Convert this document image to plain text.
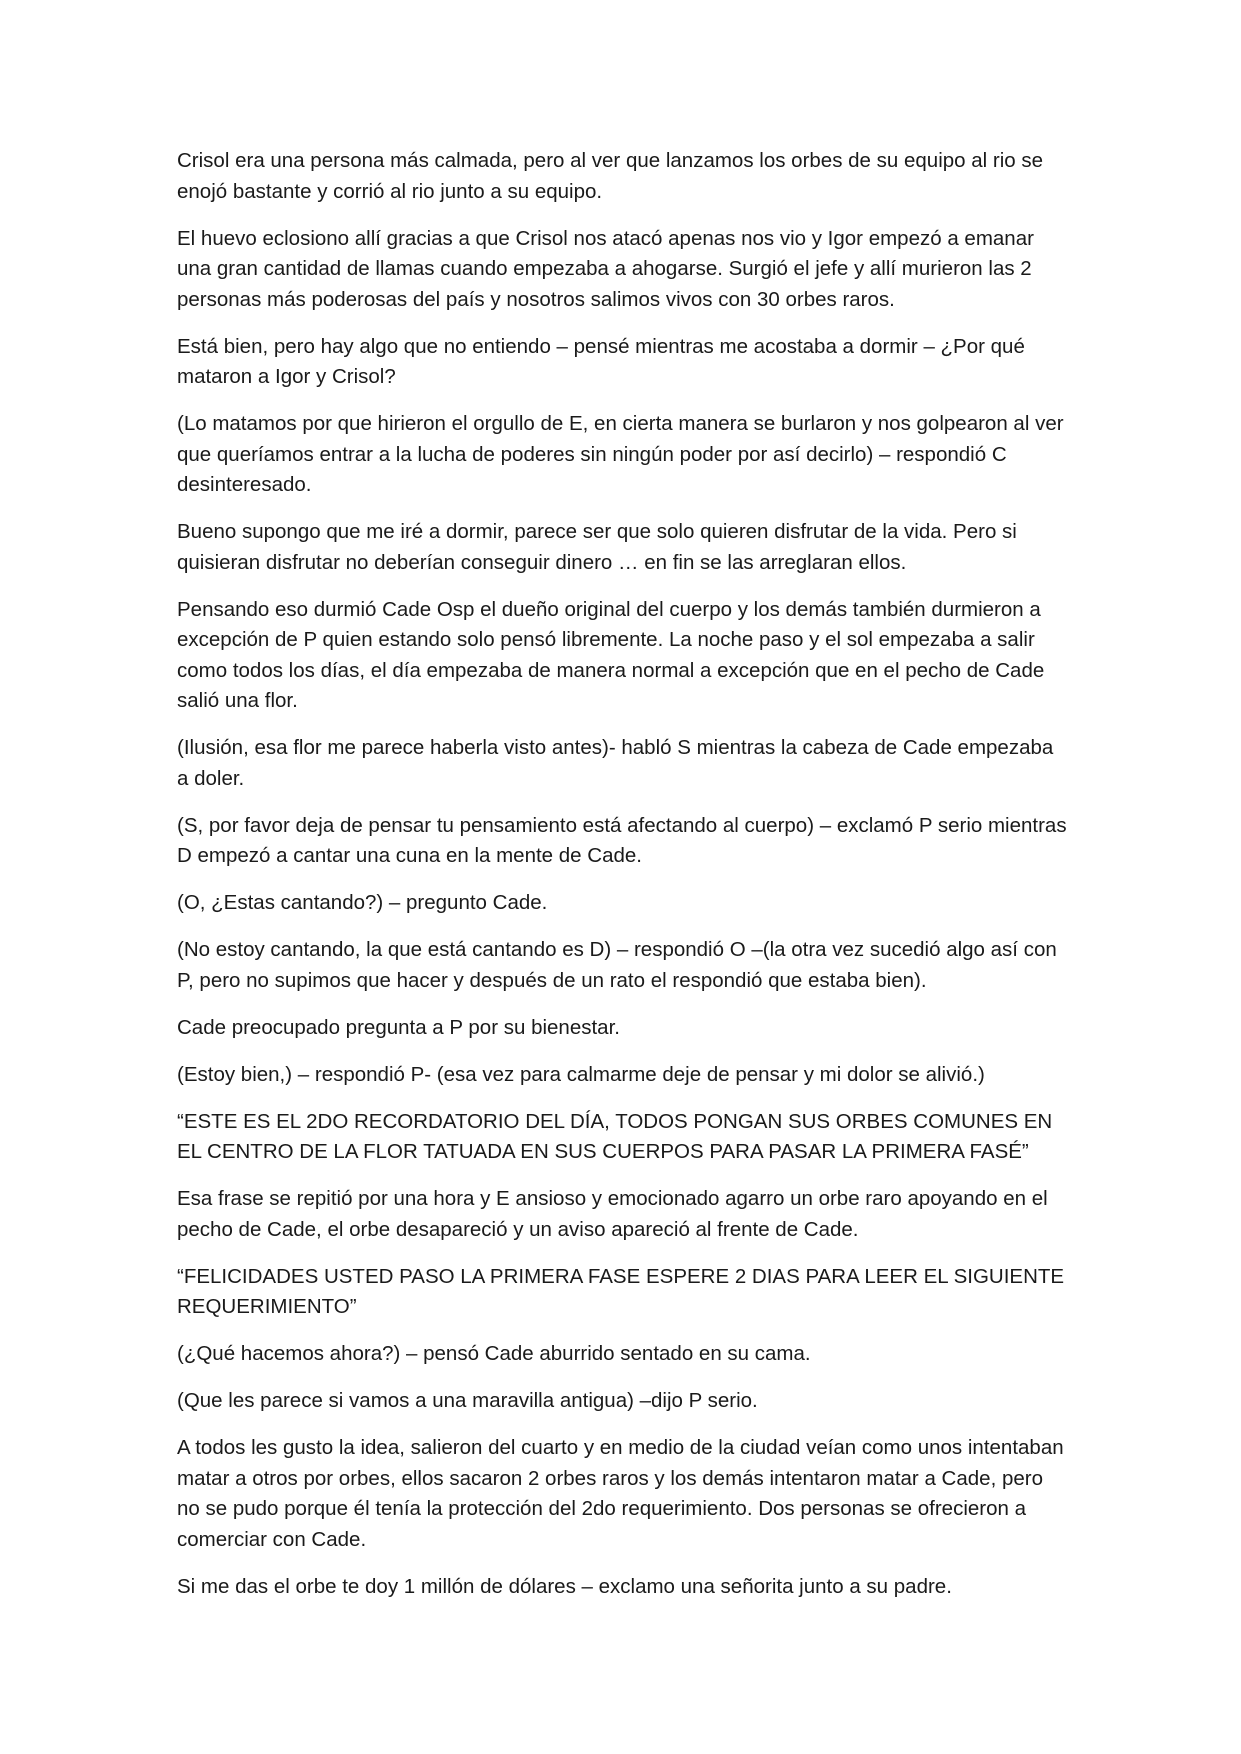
Crisol era una persona más calmada, pero al ver que lanzamos los orbes de su equipo al rio se enojó bastante y corrió al rio junto a su equipo.

El huevo eclosiono allí gracias a que Crisol nos atacó apenas nos vio y Igor empezó a emanar una gran cantidad de llamas cuando empezaba a ahogarse. Surgió el jefe y allí murieron las 2 personas más poderosas del país y nosotros salimos vivos con 30 orbes raros.

Está bien, pero hay algo que no entiendo – pensé mientras me acostaba a dormir – ¿Por qué mataron a Igor y Crisol?

(Lo matamos por que hirieron el orgullo de E, en cierta manera se burlaron y nos golpearon al ver que queríamos entrar a la lucha de poderes sin ningún poder por así decirlo) – respondió C desinteresado.

Bueno supongo que me iré a dormir, parece ser que solo quieren disfrutar de la vida. Pero si quisieran disfrutar no deberían conseguir dinero … en fin se las arreglaran ellos.

Pensando eso durmió Cade Osp el dueño original del cuerpo y los demás también durmieron a excepción de P quien estando solo pensó libremente. La noche paso y el sol empezaba a salir como todos los días, el día empezaba de manera normal a excepción que en el pecho de Cade salió una flor.

(Ilusión, esa flor me parece haberla visto antes)- habló S mientras la cabeza de Cade empezaba a doler.

(S, por favor deja de pensar tu pensamiento está afectando al cuerpo) – exclamó P serio mientras D empezó a cantar una cuna en la mente de Cade.

(O, ¿Estas cantando?) – pregunto Cade.

(No estoy cantando, la que está cantando es D) – respondió O –(la otra vez sucedió algo así con P, pero no supimos que hacer y después de un rato el respondió que estaba bien).

Cade preocupado pregunta a P por su bienestar.

(Estoy bien,) – respondió P- (esa vez para calmarme deje de pensar y mi dolor se alivió.)

“ESTE ES EL 2DO RECORDATORIO DEL DÍA, TODOS PONGAN SUS ORBES COMUNES EN EL CENTRO DE LA FLOR TATUADA EN SUS CUERPOS PARA PASAR LA PRIMERA FASÉ”

Esa frase se repitió por una hora y E ansioso y emocionado agarro un orbe raro apoyando en el pecho de Cade, el orbe desapareció y un aviso apareció al frente de Cade.

“FELICIDADES USTED PASO LA PRIMERA FASE ESPERE 2 DIAS PARA LEER EL SIGUIENTE REQUERIMIENTO”

(¿Qué hacemos ahora?) – pensó Cade aburrido sentado en su cama.

(Que les parece si vamos a una maravilla antigua) –dijo P serio.

A todos les gusto la idea, salieron del cuarto y en medio de la ciudad veían como unos intentaban matar a otros por orbes, ellos sacaron 2 orbes raros y los demás intentaron matar a Cade, pero no se pudo porque él tenía la protección del 2do requerimiento. Dos personas se ofrecieron a comerciar con Cade.

Si me das el orbe te doy 1 millón de dólares – exclamo una señorita junto a su padre.
